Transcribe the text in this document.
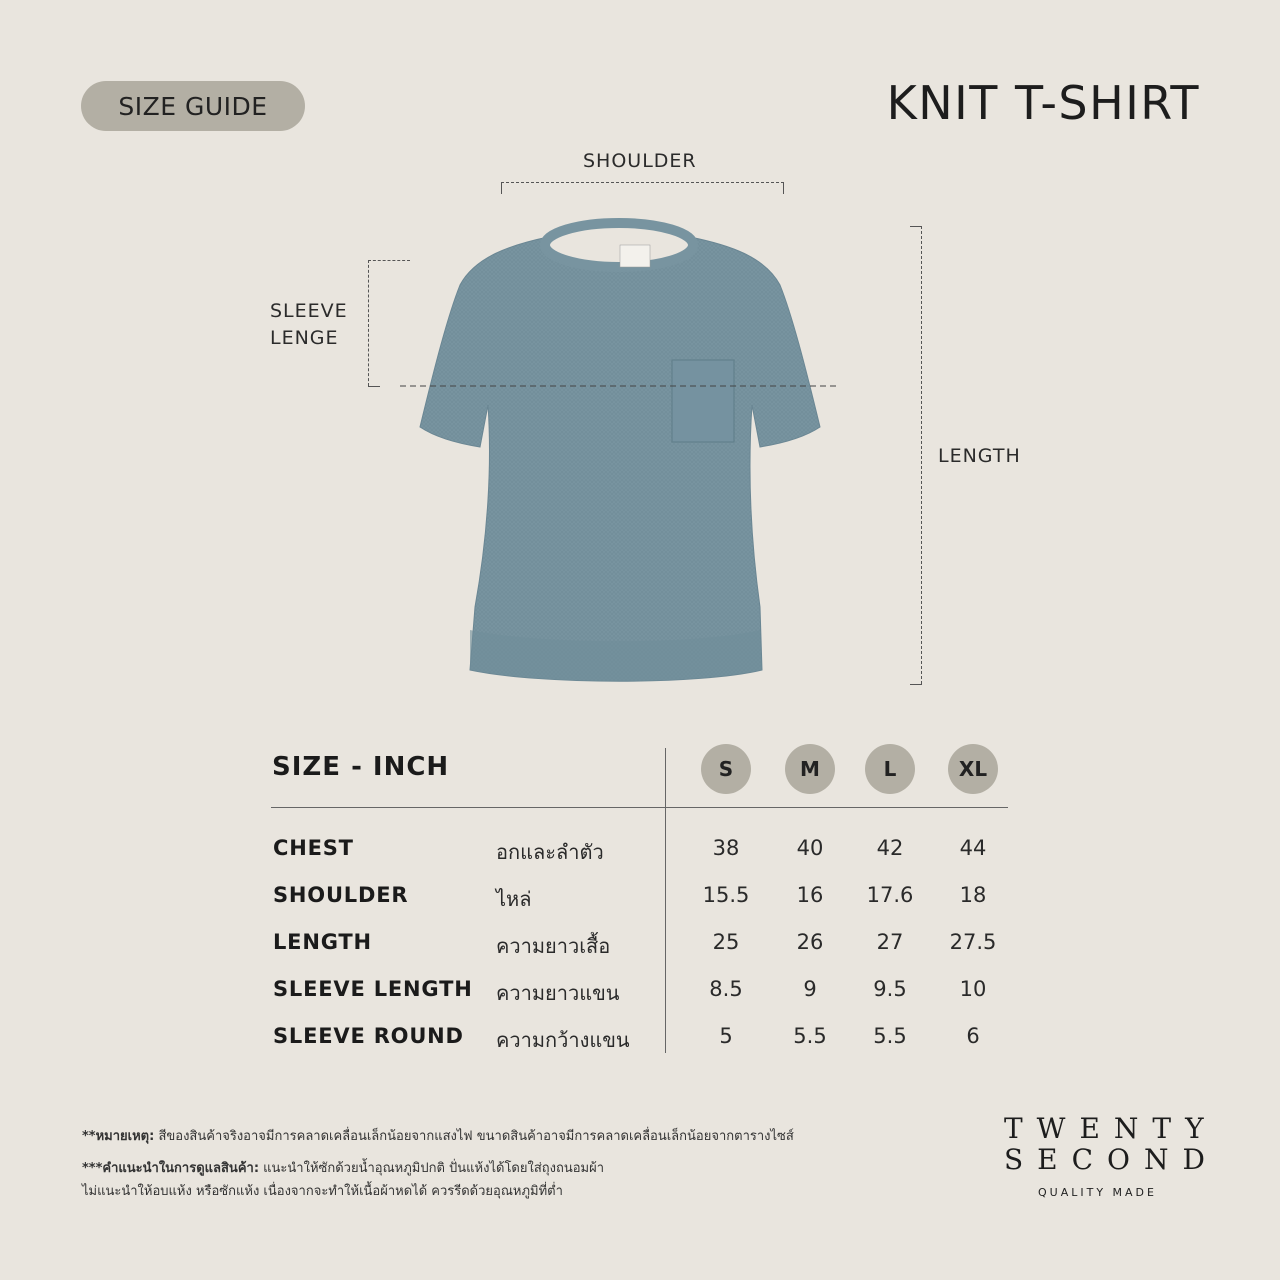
SIZE GUIDE	KNIT T-SHIRT
SHOULDER
SLEEVE
LENGE
LENGTH
SIZE - INCH	S	M	L	XL
CHEST	อกและลำตัว	38	40	42	44
SHOULDER	ไหล่	15.5	16	17.6	18
LENGTH	ความยาวเสื้อ	25	26	27	27.5
SLEEVE LENGTH ความยาวแขน	8.5	9	9.5	10
SLEEVE ROUND ความกว้างแขน	5	5.5	5.5	6
**หมายเหตุ: สีของสินค้าจริงอาจมีการคลาดเคลื่อนเล็กน้อยจากแสงไฟ ขนาดสินค้าอาจมีการคลาดเคลื่อนเล็กน้อยจากตารางไซส์
***คำแนะนำในการดูแลสินค้า: แนะนำให้ซักด้วยน้ำอุณหภูมิปกติ ปั่นแห้งได้โดยใส่ถุงถนอมผ้า
ไม่แนะนำให้อบแห้ง หรือซักแห้ง เนื่องจากจะทำให้เนื้อผ้าหดได้ ควรรีดด้วยอุณหภูมิที่ต่ำ
TWENTY
SECOND
QUALITY MADE
